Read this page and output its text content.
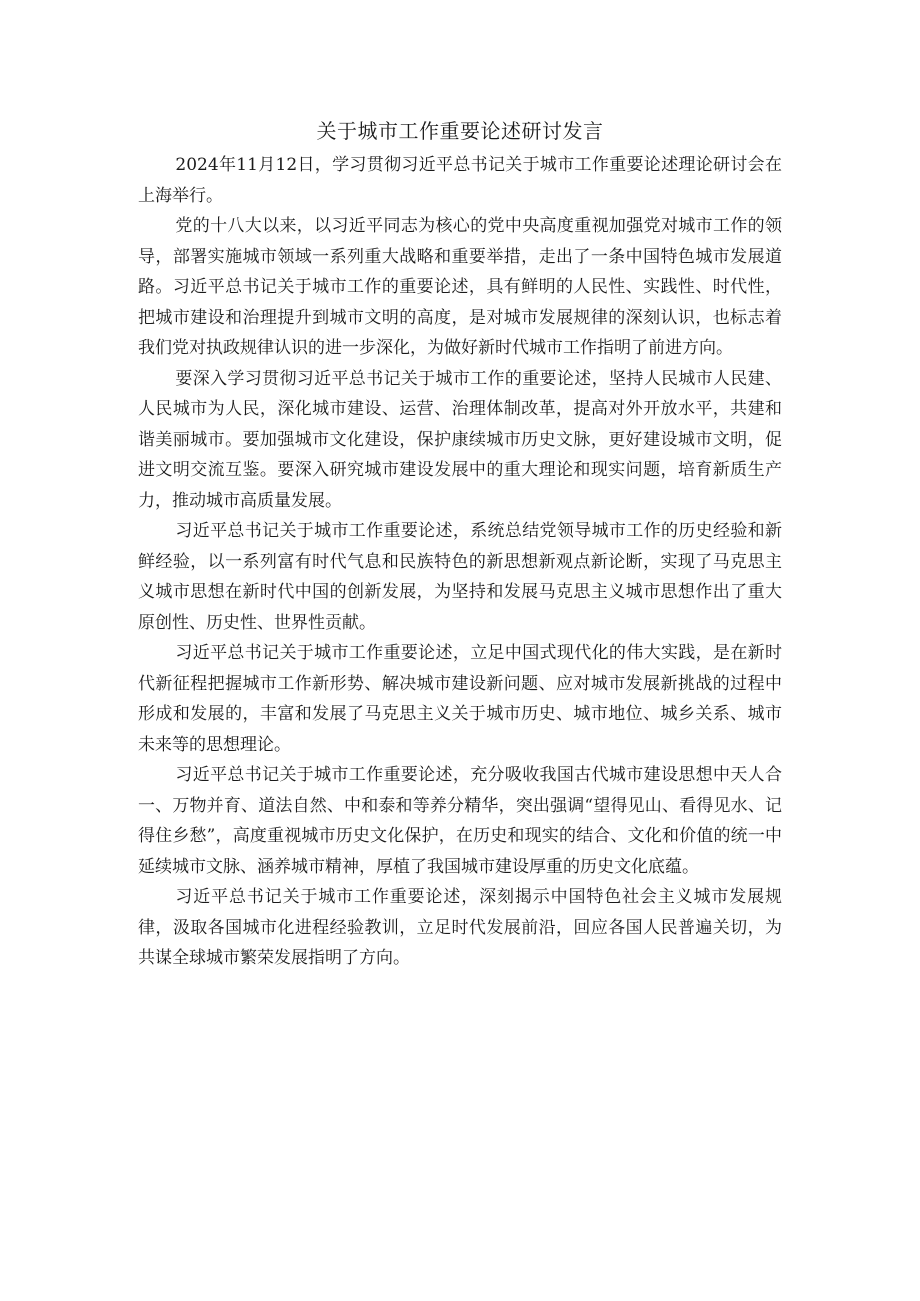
关于城市工作重要论述研讨发言

2024年11月12日，学习贯彻习近平总书记关于城市工作重要论述理论研讨会在上海举行。

党的十八大以来，以习近平同志为核心的党中央高度重视加强党对城市工作的领导，部署实施城市领域一系列重大战略和重要举措，走出了一条中国特色城市发展道路。习近平总书记关于城市工作的重要论述，具有鲜明的人民性、实践性、时代性，把城市建设和治理提升到城市文明的高度，是对城市发展规律的深刻认识，也标志着我们党对执政规律认识的进一步深化，为做好新时代城市工作指明了前进方向。

要深入学习贯彻习近平总书记关于城市工作的重要论述，坚持人民城市人民建、人民城市为人民，深化城市建设、运营、治理体制改革，提高对外开放水平，共建和谐美丽城市。要加强城市文化建设，保护康续城市历史文脉，更好建设城市文明，促进文明交流互鉴。要深入研究城市建设发展中的重大理论和现实问题，培育新质生产力，推动城市高质量发展。

习近平总书记关于城市工作重要论述，系统总结党领导城市工作的历史经验和新鲜经验，以一系列富有时代气息和民族特色的新思想新观点新论断，实现了马克思主义城市思想在新时代中国的创新发展，为坚持和发展马克思主义城市思想作出了重大原创性、历史性、世界性贡献。

习近平总书记关于城市工作重要论述，立足中国式现代化的伟大实践，是在新时代新征程把握城市工作新形势、解决城市建设新问题、应对城市发展新挑战的过程中形成和发展的，丰富和发展了马克思主义关于城市历史、城市地位、城乡关系、城市未来等的思想理论。

习近平总书记关于城市工作重要论述，充分吸收我国古代城市建设思想中天人合一、万物并育、道法自然、中和泰和等养分精华，突出强调“望得见山、看得见水、记得住乡愁”，高度重视城市历史文化保护，在历史和现实的结合、文化和价值的统一中延续城市文脉、涵养城市精神，厚植了我国城市建设厚重的历史文化底蕴。

习近平总书记关于城市工作重要论述，深刻揭示中国特色社会主义城市发展规律，汲取各国城市化进程经验教训，立足时代发展前沿，回应各国人民普遍关切，为共谋全球城市繁荣发展指明了方向。
